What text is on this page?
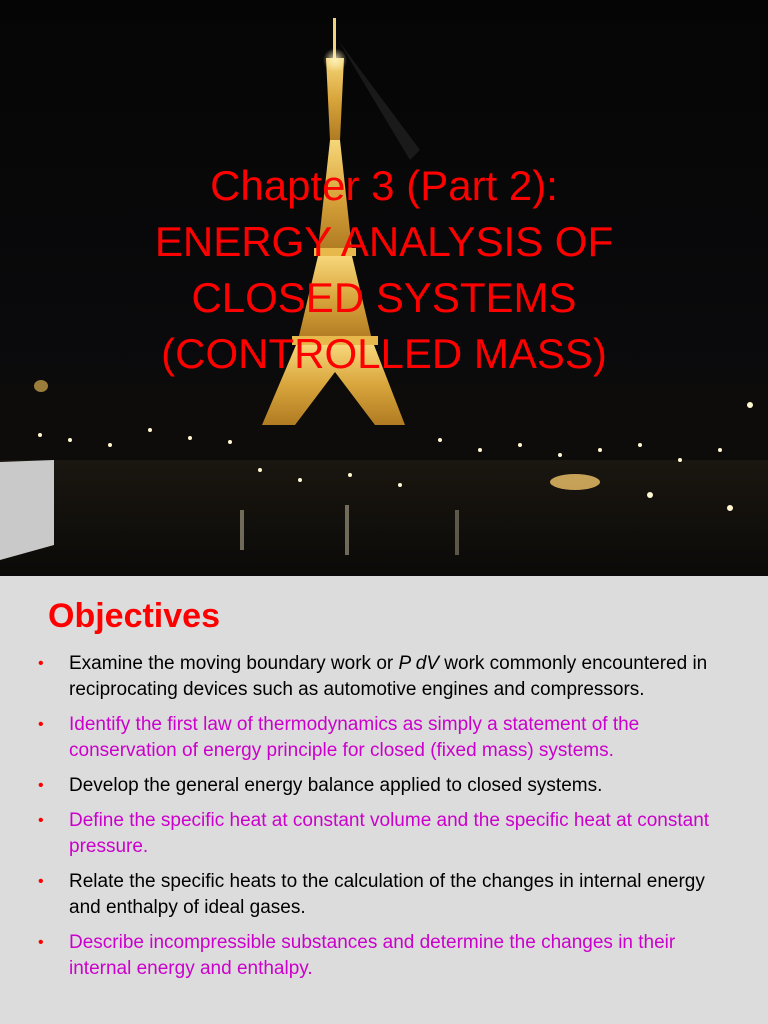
Chapter 3 (Part 2):
ENERGY ANALYSIS OF
CLOSED SYSTEMS
(CONTROLLED MASS)
Objectives
• Examine the moving boundary work or P dV work commonly encountered in reciprocating devices such as automotive engines and compressors.
• Identify the first law of thermodynamics as simply a statement of the conservation of energy principle for closed (fixed mass) systems.
• Develop the general energy balance applied to closed systems.
• Define the specific heat at constant volume and the specific heat at constant pressure.
• Relate the specific heats to the calculation of the changes in internal energy and enthalpy of ideal gases.
• Describe incompressible substances and determine the changes in their internal energy and enthalpy.
